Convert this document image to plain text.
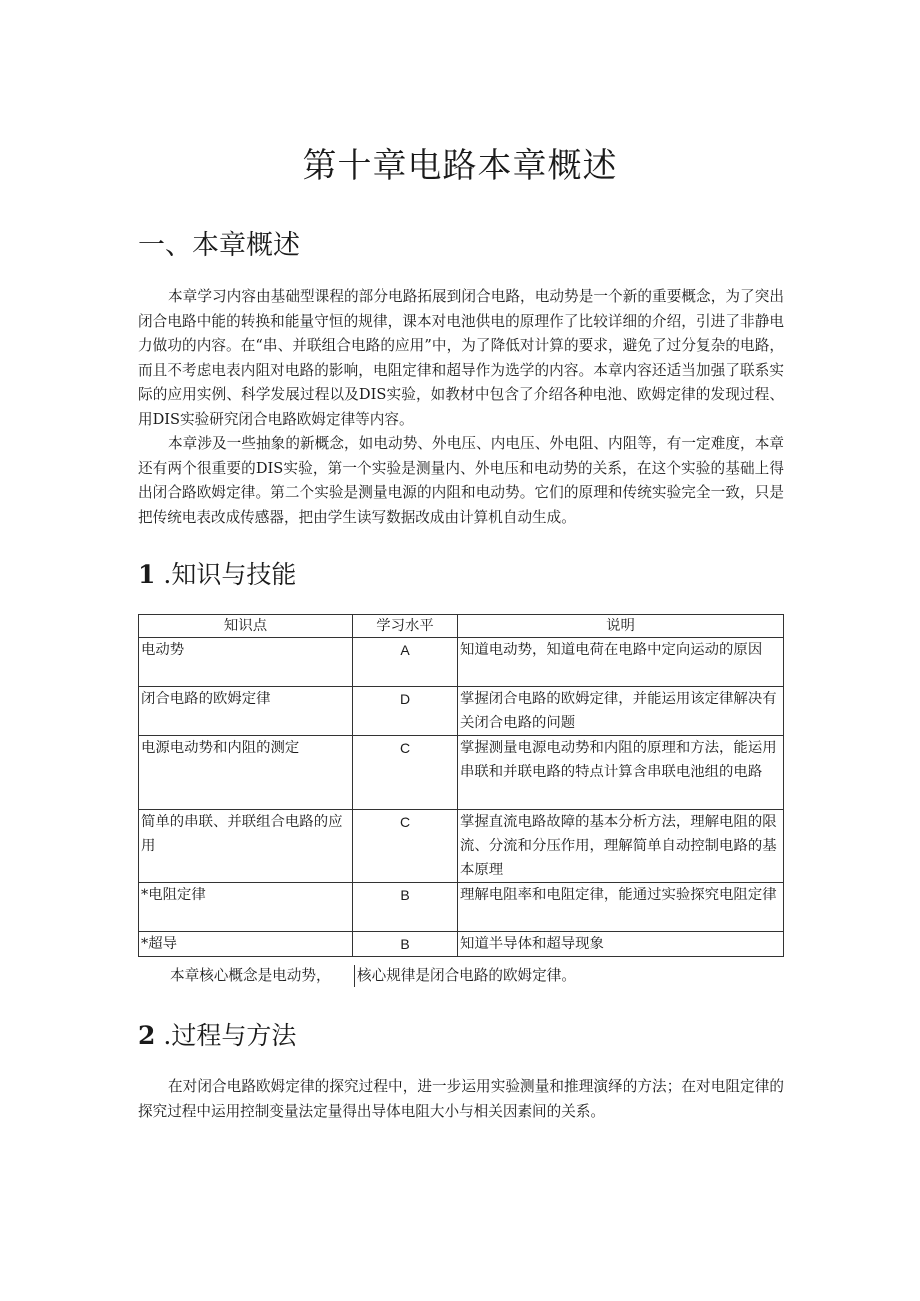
第十章电路本章概述
一、本章概述

本章学习内容由基础型课程的部分电路拓展到闭合电路，电动势是一个新的重要概念，为了突出闭合电路中能的转换和能量守恒的规律，课本对电池供电的原理作了比较详细的介绍，引进了非静电力做功的内容。在“串、并联组合电路的应用”中，为了降低对计算的要求，避免了过分复杂的电路，而且不考虑电表内阻对电路的影响，电阻定律和超导作为选学的内容。本章内容还适当加强了联系实际的应用实例、科学发展过程以及DIS实验，如教材中包含了介绍各种电池、欧姆定律的发现过程、用DIS实验研究闭合电路欧姆定律等内容。

本章涉及一些抽象的新概念，如电动势、外电压、内电压、外电阻、内阻等，有一定难度，本章还有两个很重要的DIS实验，第一个实验是测量内、外电压和电动势的关系，在这个实验的基础上得出闭合路欧姆定律。第二个实验是测量电源的内阻和电动势。它们的原理和传统实验完全一致，只是把传统电表改成传感器，把由学生读写数据改成由计算机自动生成。

1 .知识与技能
知识点	学习水平	说明
电动势	A	知道电动势，知道电荷在电路中定向运动的原因
闭合电路的欧姆定律	D	掌握闭合电路的欧姆定律，并能运用该定律解决有关闭合电路的问题
电源电动势和内阻的测定	C	掌握测量电源电动势和内阻的原理和方法，能运用串联和并联电路的特点计算含串联电池组的电路
简单的串联、并联组合电路的应用	C	掌握直流电路故障的基本分析方法，理解电阻的限流、分流和分压作用，理解简单自动控制电路的基本原理
*电阻定律	B	理解电阻率和电阻定律，能通过实验探究电阻定律
*超导	B	知道半导体和超导现象

本章核心概念是电动势， 核心规律是闭合电路的欧姆定律。

2 .过程与方法

在对闭合电路欧姆定律的探究过程中，进一步运用实验测量和推理演绎的方法；在对电阻定律的探究过程中运用控制变量法定量得出导体电阻大小与相关因素间的关系。
